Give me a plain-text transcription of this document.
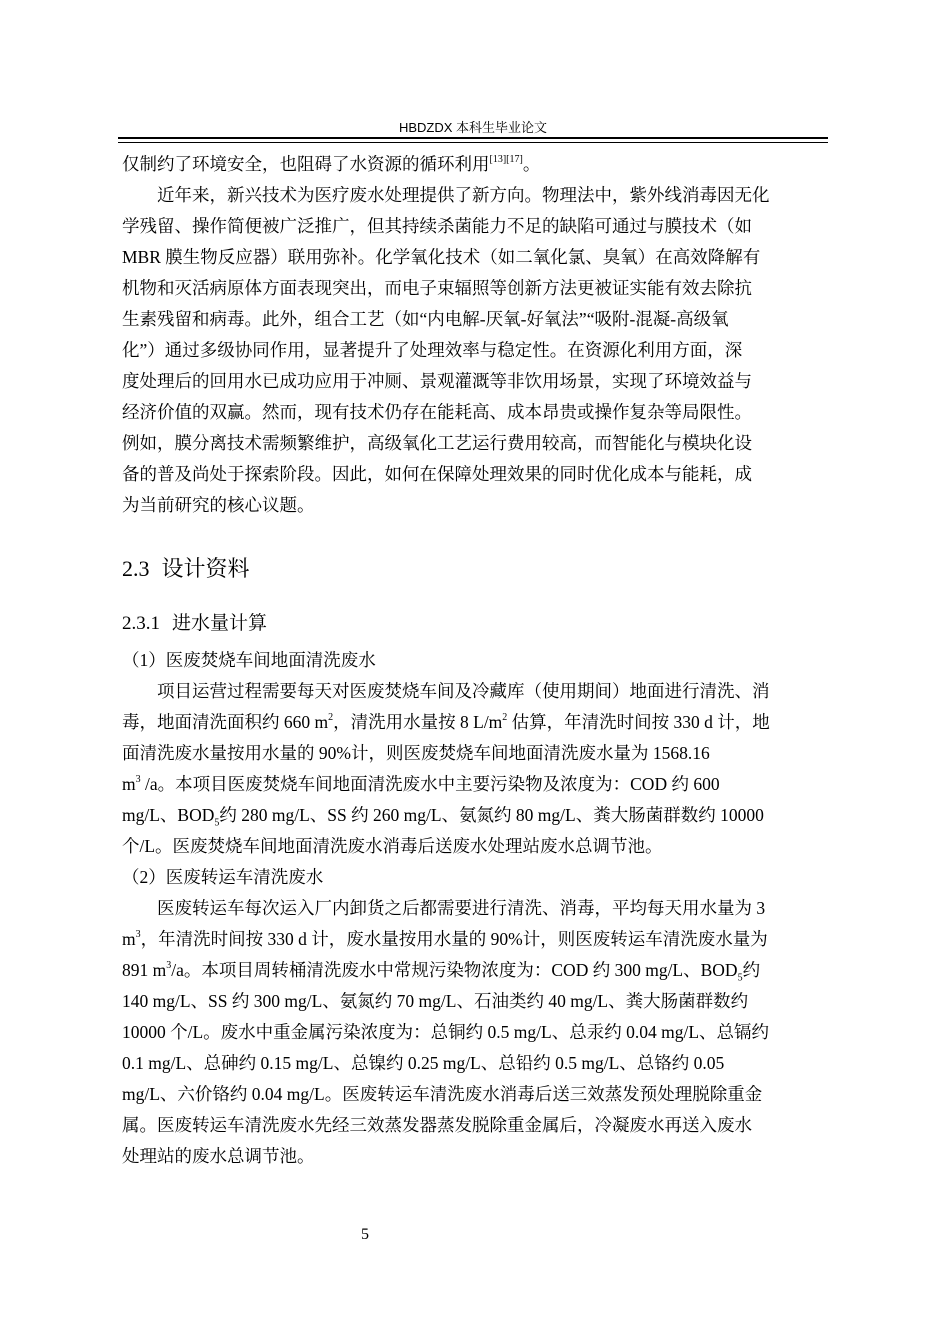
HBDZDX 本科生毕业论文
仅制约了环境安全，也阻碍了水资源的循环利用[13][17]。
近年来，新兴技术为医疗废水处理提供了新方向。物理法中，紫外线消毒因无化
学残留、操作简便被广泛推广，但其持续杀菌能力不足的缺陷可通过与膜技术（如
MBR 膜生物反应器）联用弥补。化学氧化技术（如二氧化氯、臭氧）在高效降解有
机物和灭活病原体方面表现突出，而电子束辐照等创新方法更被证实能有效去除抗
生素残留和病毒。此外，组合工艺（如“内电解-厌氧-好氧法”“吸附-混凝-高级氧
化”）通过多级协同作用，显著提升了处理效率与稳定性。在资源化利用方面，深
度处理后的回用水已成功应用于冲厕、景观灌溉等非饮用场景，实现了环境效益与
经济价值的双赢。然而，现有技术仍存在能耗高、成本昂贵或操作复杂等局限性。
例如，膜分离技术需频繁维护，高级氧化工艺运行费用较高，而智能化与模块化设
备的普及尚处于探索阶段。因此，如何在保障处理效果的同时优化成本与能耗，成
为当前研究的核心议题。
2.3 设计资料
2.3.1 进水量计算
（1）医废焚烧车间地面清洗废水
项目运营过程需要每天对医废焚烧车间及冷藏库（使用期间）地面进行清洗、消
毒，地面清洗面积约 660 $m^2$，清洗用水量按 8 $L/m^2$ 估算，年清洗时间按 330 d 计，地
面清洗废水量按用水量的 90%计，则医废焚烧车间地面清洗废水量为 1568.16
$m^3$ /a。本项目医废焚烧车间地面清洗废水中主要污染物及浓度为：COD 约 600
mg/L、$BOD_5$约 280 mg/L、SS 约 260 mg/L、氨氮约 80 mg/L、粪大肠菌群数约 10000
个/L。医废焚烧车间地面清洗废水消毒后送废水处理站废水总调节池。
（2）医废转运车清洗废水
医废转运车每次运入厂内卸货之后都需要进行清洗、消毒，平均每天用水量为 3
$m^3$，年清洗时间按 330 d 计，废水量按用水量的 90%计，则医废转运车清洗废水量为
891 $m^3/a$。本项目周转桶清洗废水中常规污染物浓度为：COD 约 300 mg/L、$BOD_5$约
140 mg/L、SS 约 300 mg/L、氨氮约 70 mg/L、石油类约 40 mg/L、粪大肠菌群数约
10000 个/L。废水中重金属污染浓度为：总铜约 0.5 mg/L、总汞约 0.04 mg/L、总镉约
0.1 mg/L、总砷约 0.15 mg/L、总镍约 0.25 mg/L、总铅约 0.5 mg/L、总铬约 0.05
mg/L、六价铬约 0.04 mg/L。医废转运车清洗废水消毒后送三效蒸发预处理脱除重金
属。医废转运车清洗废水先经三效蒸发器蒸发脱除重金属后，冷凝废水再送入废水
处理站的废水总调节池。
5
